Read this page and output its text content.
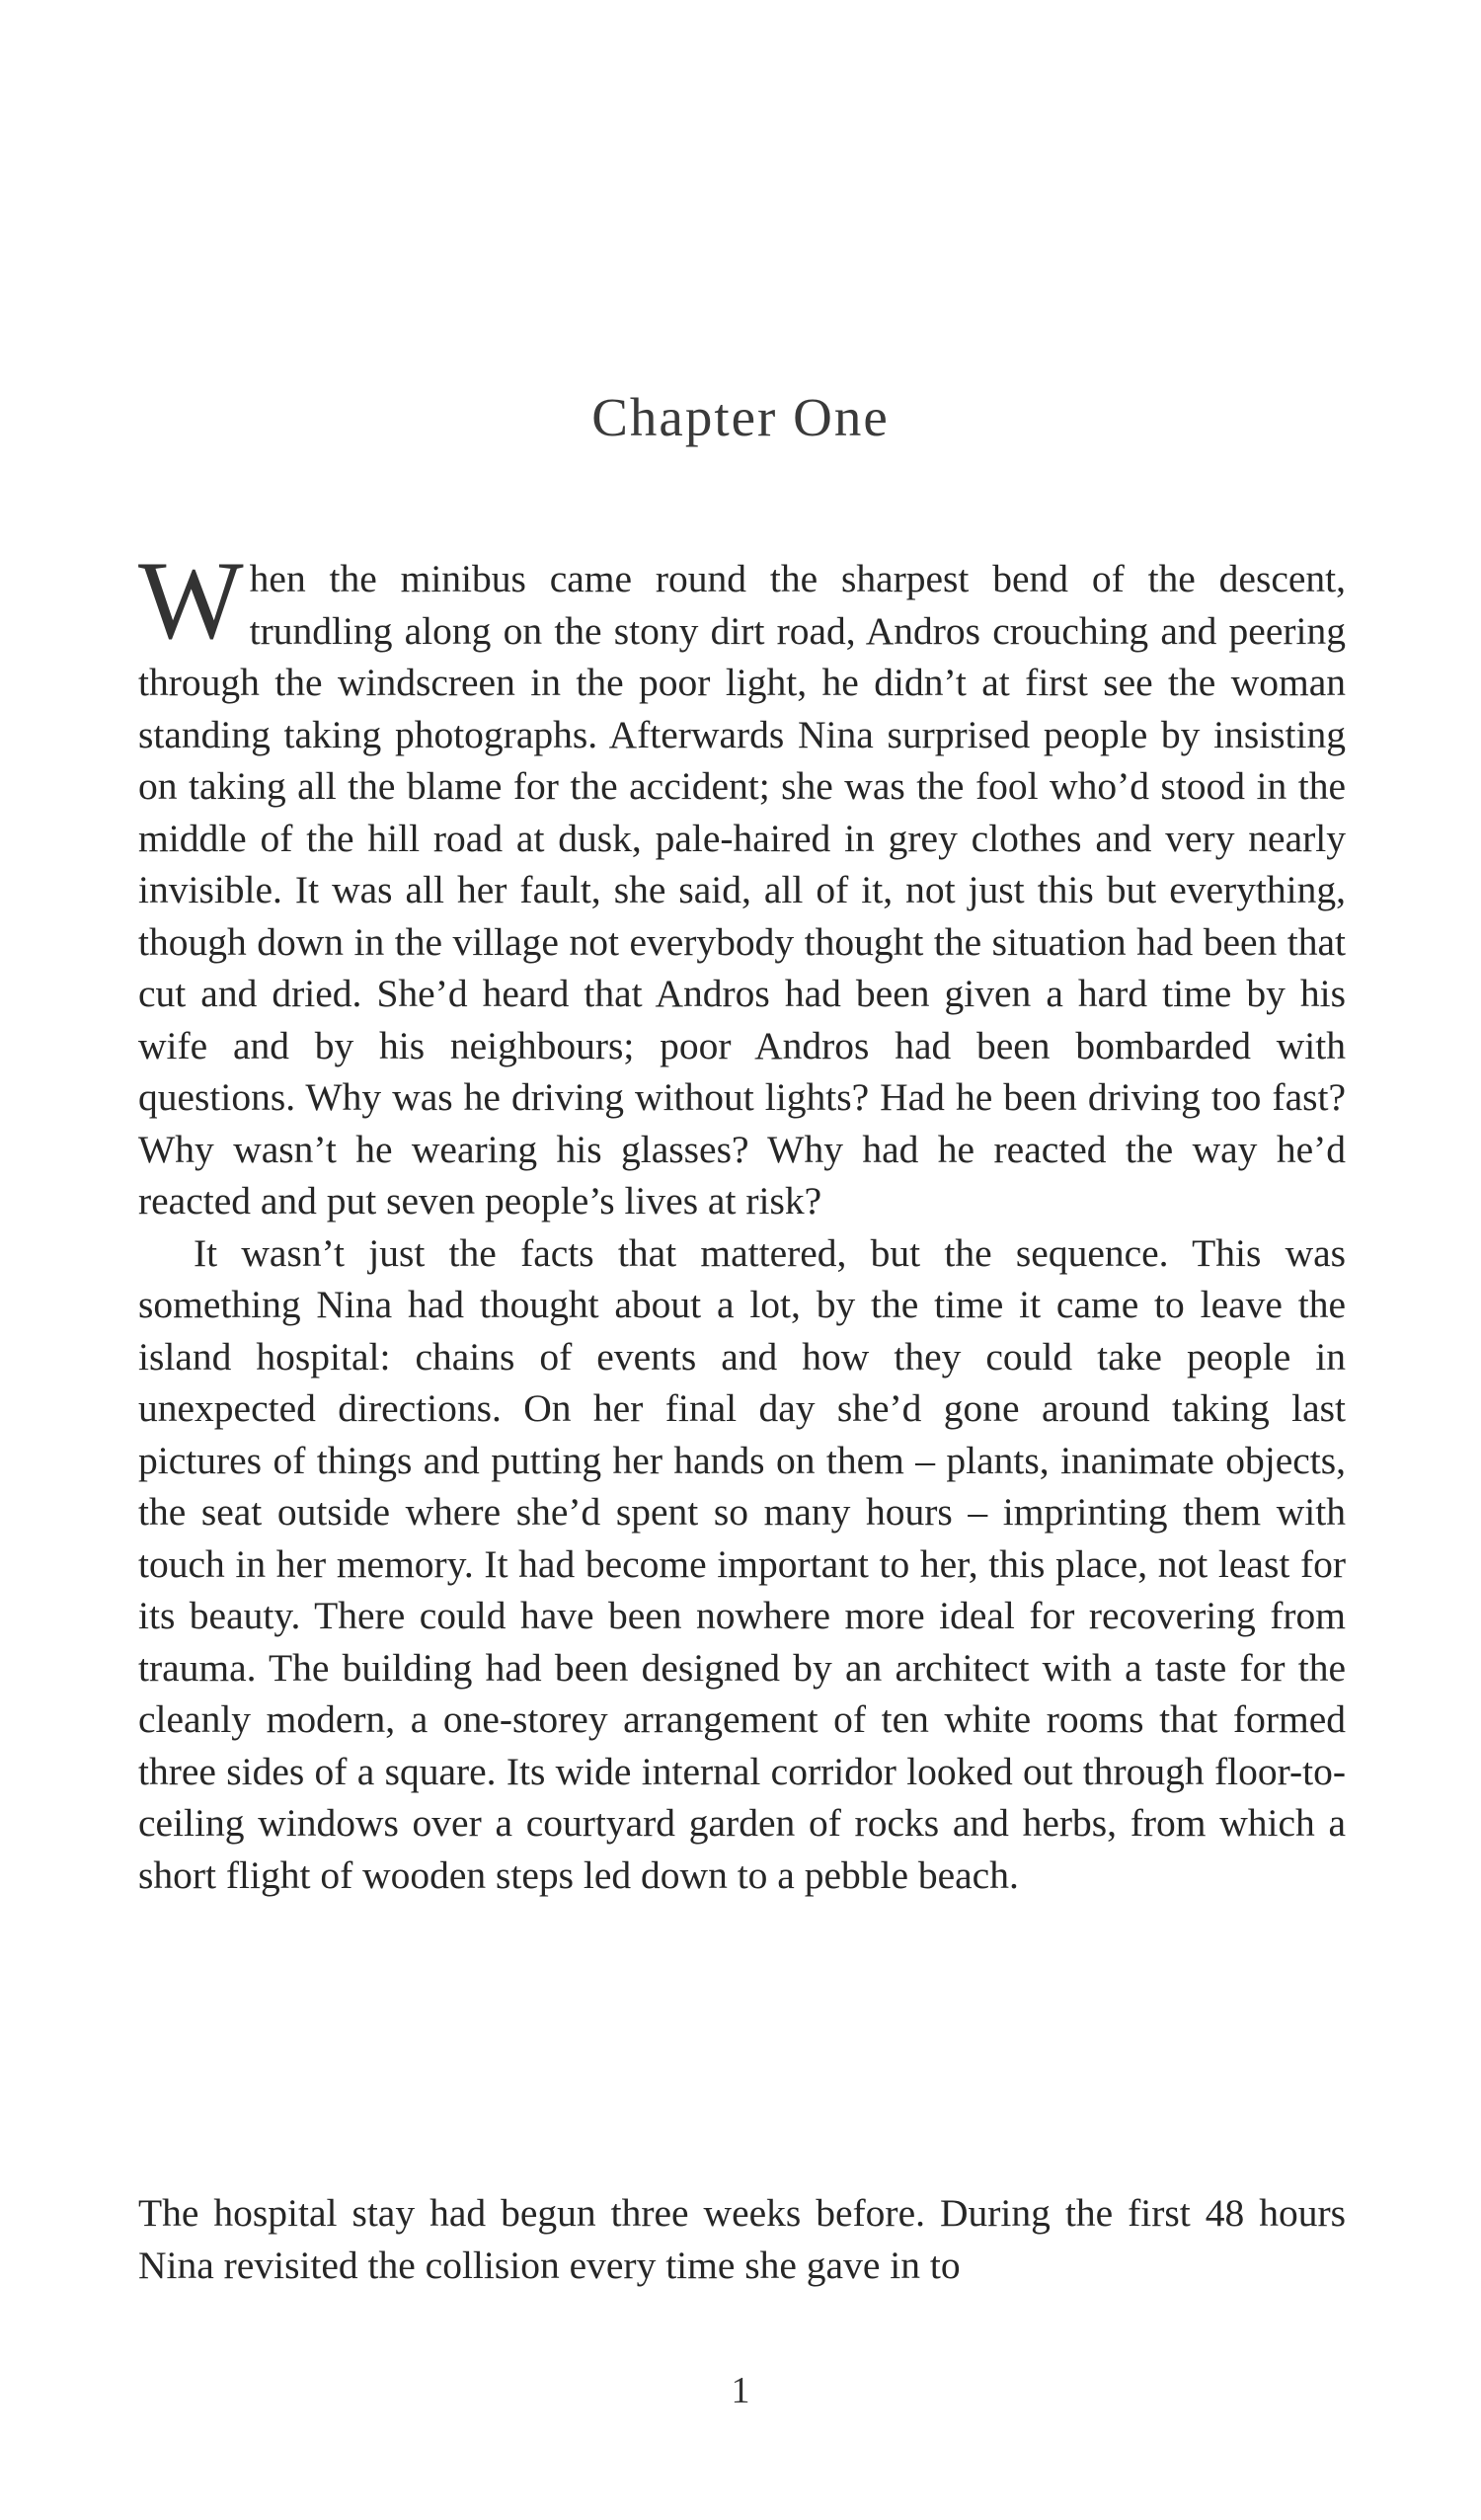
Chapter One

When the minibus came round the sharpest bend of the descent, trundling along on the stony dirt road, Andros crouching and peering through the windscreen in the poor light, he didn’t at first see the woman standing taking photographs. Afterwards Nina surprised people by insisting on taking all the blame for the accident; she was the fool who’d stood in the middle of the hill road at dusk, pale-haired in grey clothes and very nearly invisible. It was all her fault, she said, all of it, not just this but everything, though down in the village not everybody thought the situation had been that cut and dried. She’d heard that Andros had been given a hard time by his wife and by his neighbours; poor Andros had been bombarded with questions. Why was he driving without lights? Had he been driving too fast? Why wasn’t he wearing his glasses? Why had he reacted the way he’d reacted and put seven people’s lives at risk?

It wasn’t just the facts that mattered, but the sequence. This was something Nina had thought about a lot, by the time it came to leave the island hospital: chains of events and how they could take people in unexpected directions. On her final day she’d gone around taking last pictures of things and putting her hands on them – plants, inanimate objects, the seat outside where she’d spent so many hours – imprinting them with touch in her memory. It had become important to her, this place, not least for its beauty. There could have been nowhere more ideal for recovering from trauma. The building had been designed by an architect with a taste for the cleanly modern, a one-storey arrangement of ten white rooms that formed three sides of a square. Its wide internal corridor looked out through floor-to-ceiling windows over a courtyard garden of rocks and herbs, from which a short flight of wooden steps led down to a pebble beach.

The hospital stay had begun three weeks before. During the first 48 hours Nina revisited the collision every time she gave in to

1
